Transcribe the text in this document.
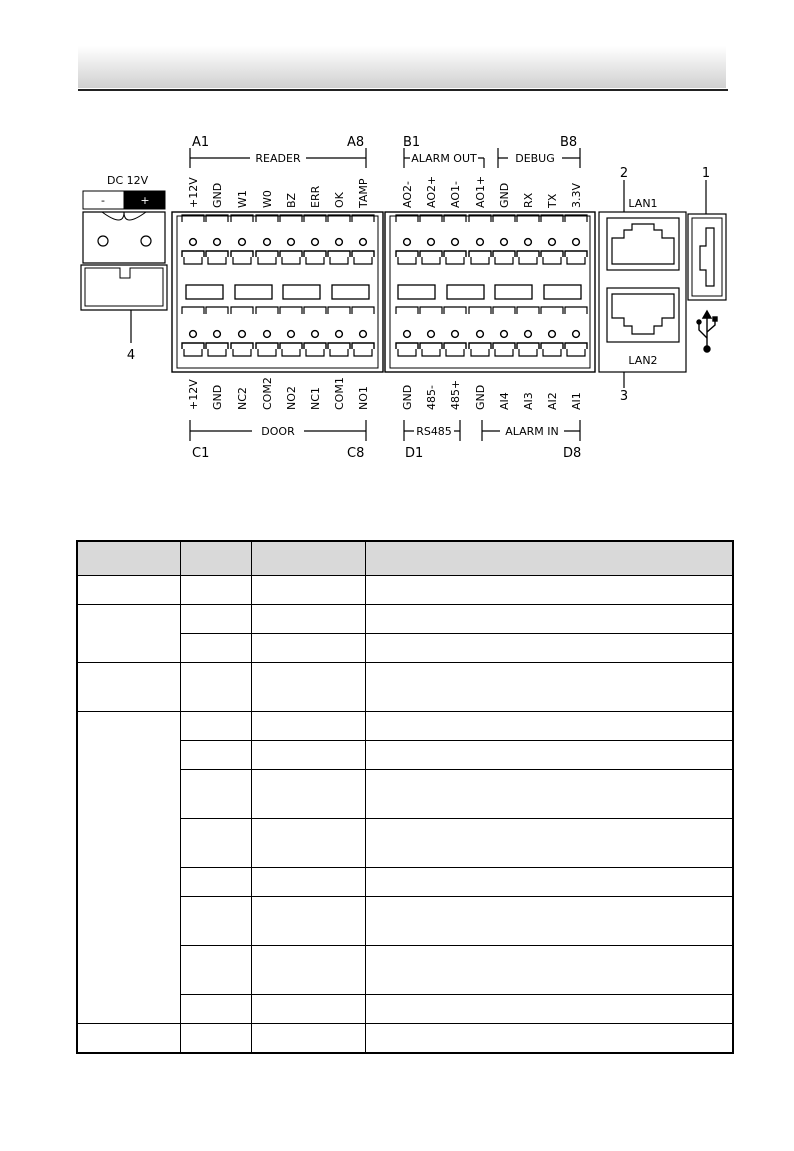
A1	A8
READER
B1	B8
ALARM OUT	DEBUG
+12V GND W1 W0 BZ ERR OK TAMP	AO2- AO2+ AO1- AO1+ GND RX TX 3.3V
+12V GND NC2 COM2 NO2 NC1 COM1 NO1	GND 485- 485+ GND AI4 AI3 AI2 AI1
DOOR
C1	C8
RS485	ALARM IN
D1	D8
DC 12V
-	+
4
2
LAN1
LAN2
3
1
